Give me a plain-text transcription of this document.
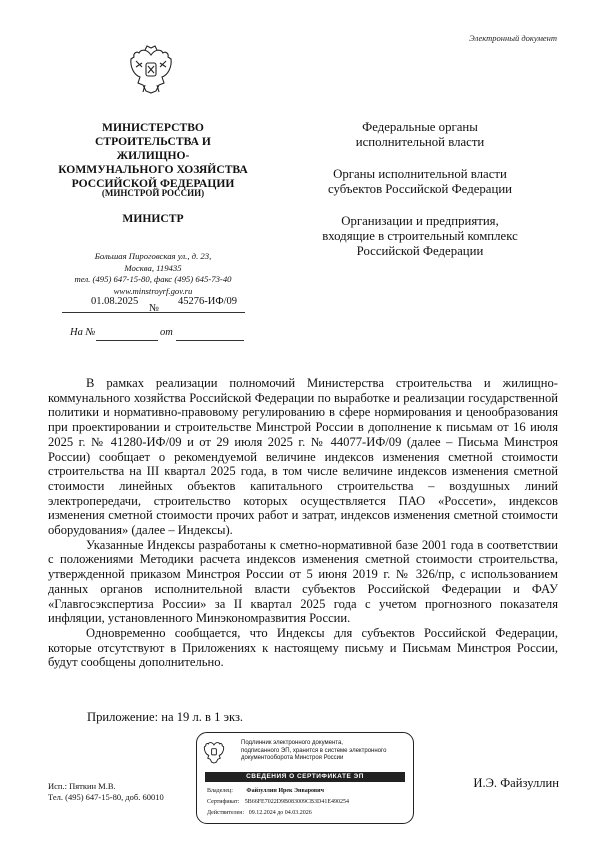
Электронный документ
МИНИСТЕРСТВО
СТРОИТЕЛЬСТВА И ЖИЛИЩНО-
КОММУНАЛЬНОГО ХОЗЯЙСТВА
РОССИЙСКОЙ ФЕДЕРАЦИИ
(МИНСТРОЙ РОССИИ)
МИНИСТР
Большая Пироговская ул., д. 23,
Москва, 119435
тел. (495) 647-15-80, факс (495) 645-73-40
www.minstroyrf.gov.ru
01.08.2025
№
45276-ИФ/09
На №	от
Федеральные органы
исполнительной власти
Органы исполнительной власти
субъектов Российской Федерации
Организации и предприятия,
входящие в строительный комплекс
Российской Федерации

В рамках реализации полномочий Министерства строительства и жилищно-коммунального хозяйства Российской Федерации по выработке и реализации государственной политики и нормативно-правовому регулированию в сфере нормирования и ценообразования при проектировании и строительстве Минстрой России в дополнение к письмам от 16 июля 2025 г. № 41280-ИФ/09 и от 29 июля 2025 г. № 44077-ИФ/09 (далее – Письма Минстроя России) сообщает о рекомендуемой величине индексов изменения сметной стоимости строительства на III квартал 2025 года, в том числе величине индексов изменения сметной стоимости линейных объектов капитального строительства – воздушных линий электропередачи, строительство которых осуществляется ПАО «Россети», индексов изменения сметной стоимости прочих работ и затрат, индексов изменения сметной стоимости оборудования» (далее – Индексы).

Указанные Индексы разработаны к сметно-нормативной базе 2001 года в соответствии с положениями Методики расчета индексов изменения сметной стоимости строительства, утвержденной приказом Минстроя России от 5 июня 2019 г. № 326/пр, с использованием данных органов исполнительной власти субъектов Российской Федерации и ФАУ «Главгосэкспертиза России» за II квартал 2025 года с учетом прогнозного показателя инфляции, установленного Минэкономразвития России.

Одновременно сообщается, что Индексы для субъектов Российской Федерации, которые отсутствуют в Приложениях к настоящему письму и Письмам Минстроя России, будут сообщены дополнительно.

Приложение: на 19 л. в 1 экз.
Подлинник электронного документа,
подписанного ЭП, хранится в системе электронного
документооборота Минстроя России
СВЕДЕНИЯ О СЕРТИФИКАТЕ ЭП
Владелец: Файзуллин Ирек Энварович
Сертификат: 5B66FE7022D9B083009CB3D41E490254
Действителен: 09.12.2024 до 04.03.2026
И.Э. Файзуллин
Исп.: Пяткин М.В.
Тел. (495) 647-15-80, доб. 60010
